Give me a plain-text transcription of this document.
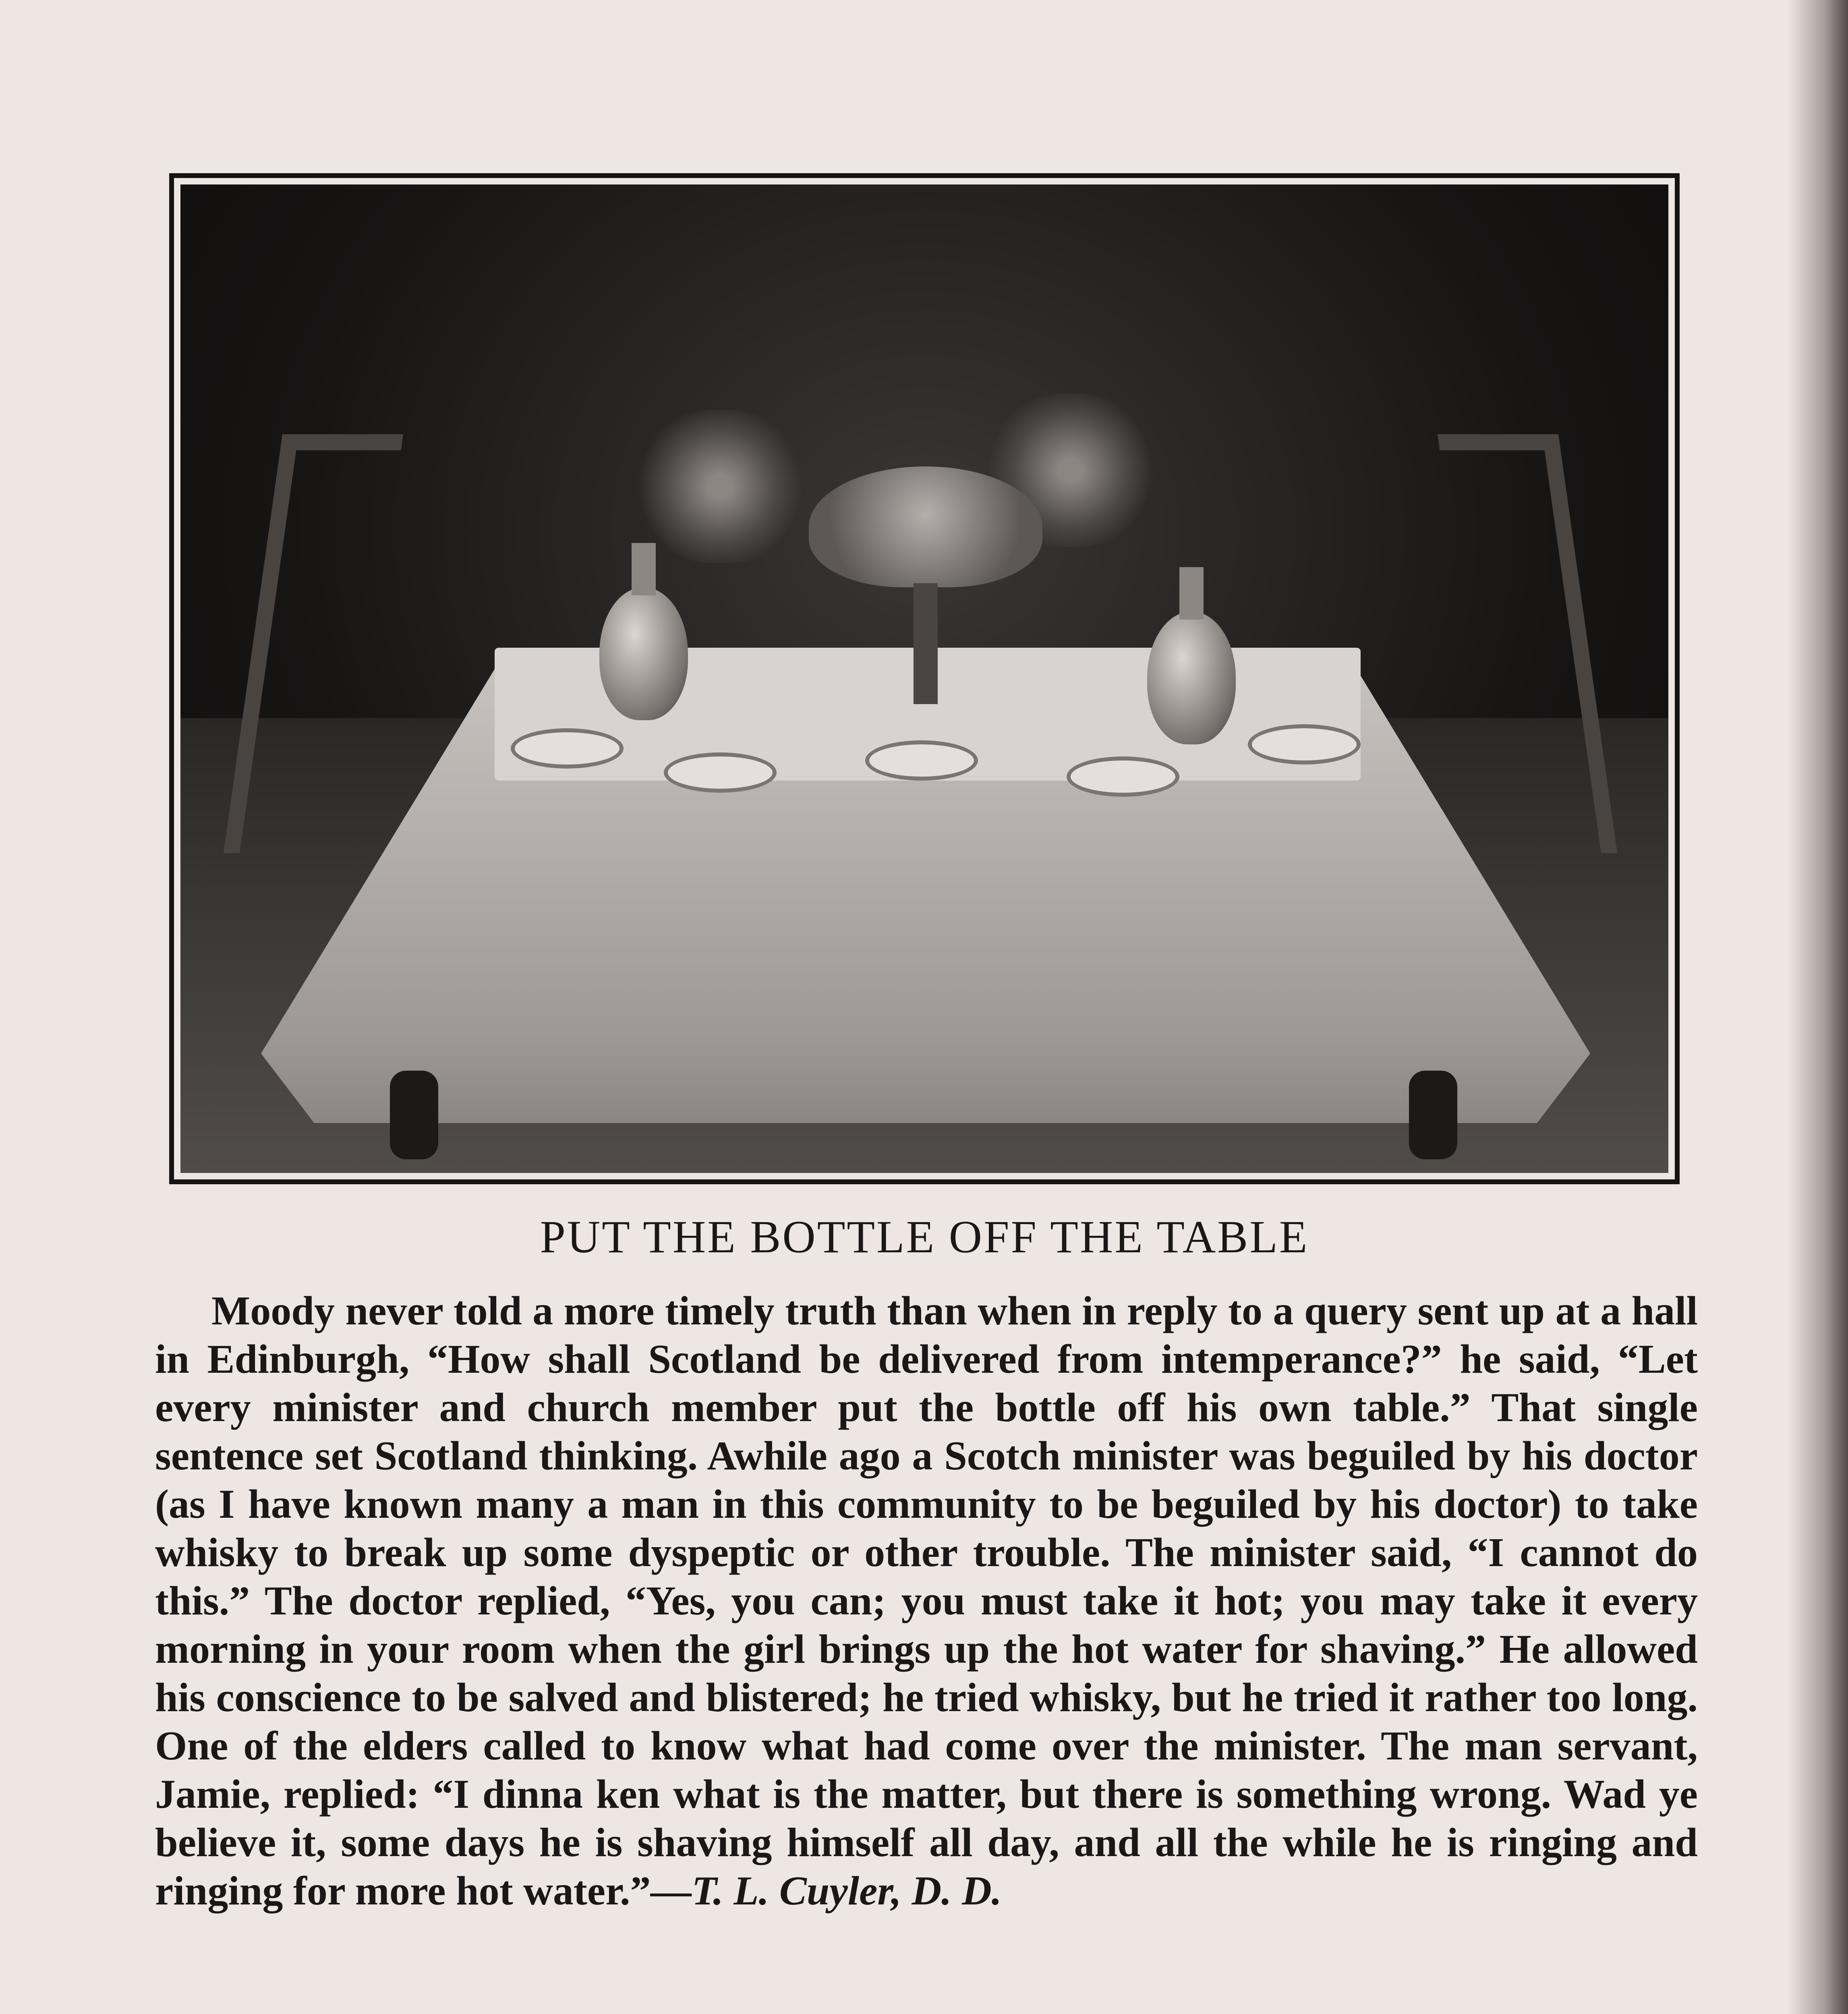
PUT THE BOTTLE OFF THE TABLE

Moody never told a more timely truth than when in reply to a query sent up at a hall in Edinburgh, “How shall Scotland be delivered from intemperance?” he said, “Let every minister and church member put the bottle off his own table.” That single sentence set Scotland thinking. Awhile ago a Scotch minister was beguiled by his doctor (as I have known many a man in this community to be beguiled by his doctor) to take whisky to break up some dyspeptic or other trouble. The minister said, “I cannot do this.” The doctor replied, “Yes, you can; you must take it hot; you may take it every morning in your room when the girl brings up the hot water for shaving.” He allowed his conscience to be salved and blistered; he tried whisky, but he tried it rather too long. One of the elders called to know what had come over the minister. The man servant, Jamie, replied: “I dinna ken what is the matter, but there is something wrong. Wad ye believe it, some days he is shaving himself all day, and all the while he is ringing and ringing for more hot water.”—T. L. Cuyler, D. D.
